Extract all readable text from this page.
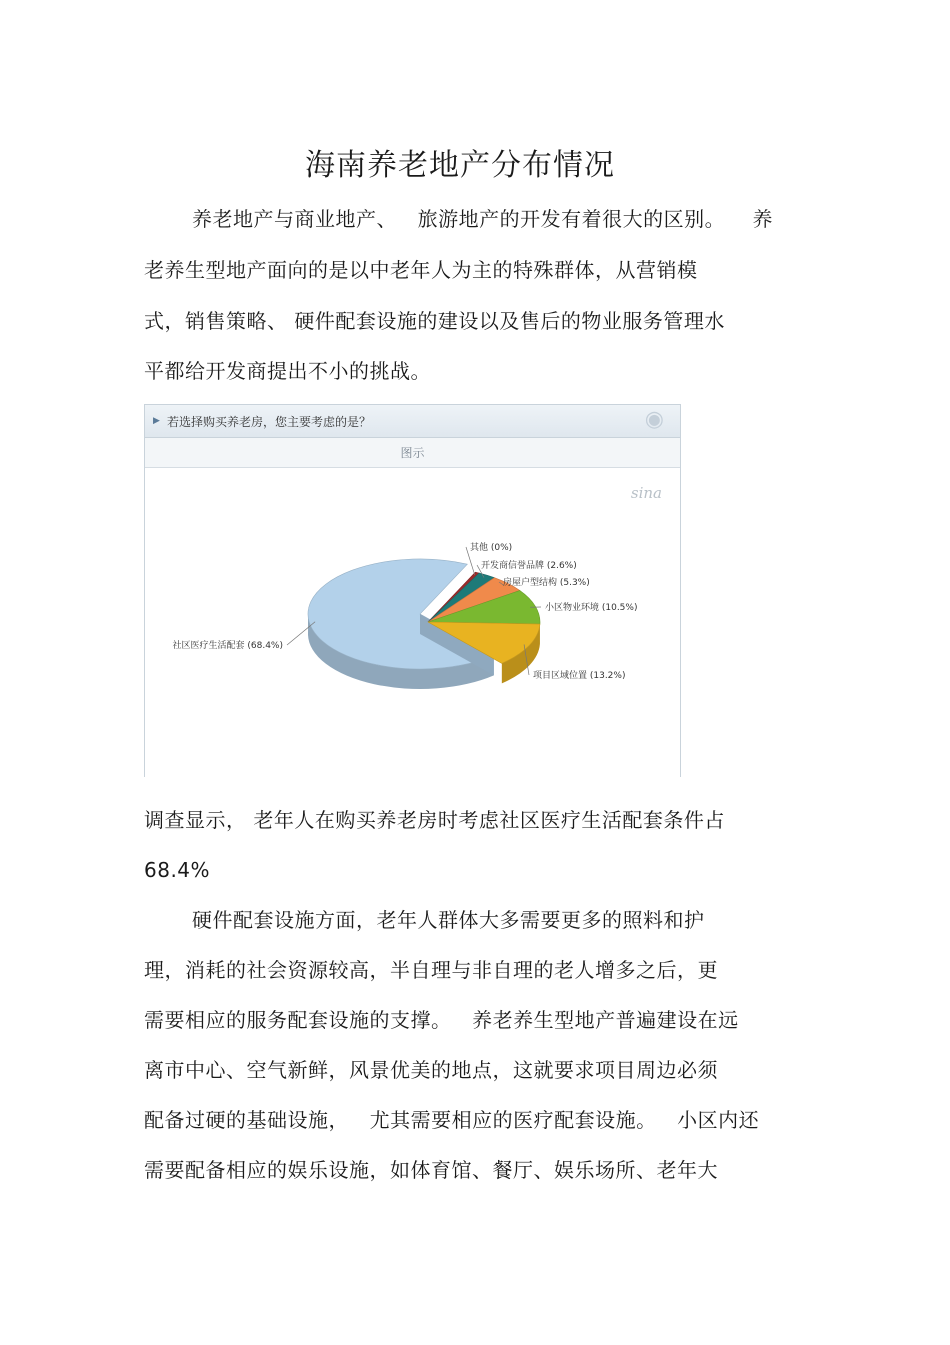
海南养老地产分布情况
养老地产与商业地产、   旅游地产的开发有着很大的区别。    养
老养生型地产面向的是以中老年人为主的特殊群体，从营销模
式，销售策略、 硬件配套设施的建设以及售后的物业服务管理水
平都给开发商提出不小的挑战。
▶ 若选择购买养老房，您主要考虑的是？	◉
图示
sina
社区医疗生活配套 (68.4%)
其他 (0%)
开发商信誉品牌 (2.6%)
房屋户型结构 (5.3%)
小区物业环境 (10.5%)
项目区域位置 (13.2%)
调查显示， 老年人在购买养老房时考虑社区医疗生活配套条件占
68.4%
硬件配套设施方面，老年人群体大多需要更多的照料和护
理，消耗的社会资源较高，半自理与非自理的老人增多之后，更
需要相应的服务配套设施的支撑。   养老养生型地产普遍建设在远
离市中心、空气新鲜，风景优美的地点，这就要求项目周边必须
配备过硬的基础设施，   尤其需要相应的医疗配套设施。   小区内还
需要配备相应的娱乐设施，如体育馆、餐厅、娱乐场所、老年大
